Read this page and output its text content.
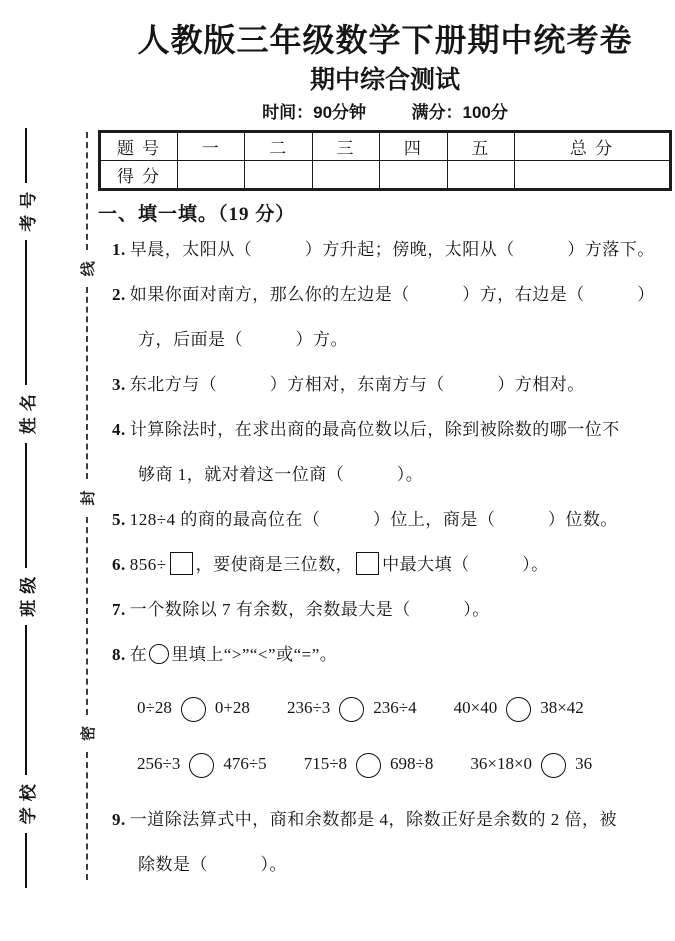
学校
班级
姓名
考号
密
封
线
人教版三年级数学下册期中统考卷
期中综合测试
时间：90分钟	满分：100分
题 号	一	二	三	四	五	总 分
得 分						
一、填一填。（19 分）
1. 早晨，太阳从（　　　）方升起；傍晚，太阳从（　　　）方落下。
2. 如果你面对南方，那么你的左边是（　　　）方，右边是（　　　）
方，后面是（　　　）方。
3. 东北方与（　　　）方相对，东南方与（　　　）方相对。
4. 计算除法时，在求出商的最高位数以后，除到被除数的哪一位不
够商 1，就对着这一位商（　　　）。
5. 128÷4 的商的最高位在（　　　）位上，商是（　　　）位数。
6. 856÷ ，要使商是三位数， 中最大填（　　　）。
7. 一个数除以 7 有余数，余数最大是（　　　）。
8. 在 里填上“>”“<”或“=”。
0÷28	0+28 236÷3	236÷4 40×40	38×42
256÷3	476÷5 715÷8	698÷8 36×18×0	36
9. 一道除法算式中，商和余数都是 4，除数正好是余数的 2 倍，被
除数是（　　　）。
